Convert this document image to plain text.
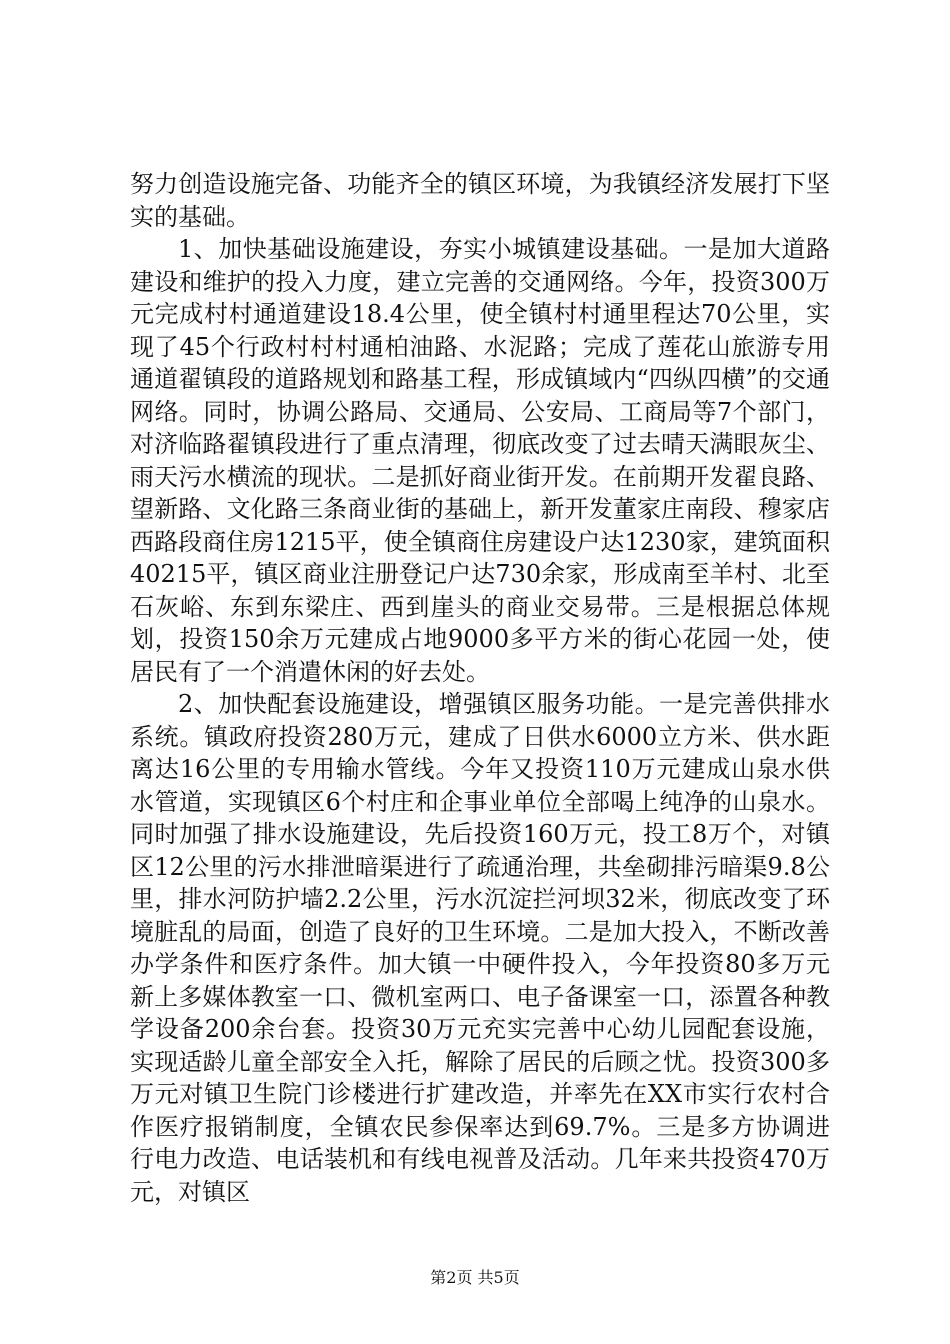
努力创造设施完备、功能齐全的镇区环境，为我镇经济发展打下坚实的基础。

1、加快基础设施建设，夯实小城镇建设基础。一是加大道路建设和维护的投入力度，建立完善的交通网络。今年，投资300万元完成村村通道建设18.4公里，使全镇村村通里程达70公里，实现了45个行政村村村通柏油路、水泥路；完成了莲花山旅游专用通道翟镇段的道路规划和路基工程，形成镇域内“四纵四横”的交通网络。同时，协调公路局、交通局、公安局、工商局等7个部门，对济临路翟镇段进行了重点清理，彻底改变了过去晴天满眼灰尘、雨天污水横流的现状。二是抓好商业街开发。在前期开发翟良路、望新路、文化路三条商业街的基础上，新开发董家庄南段、穆家店西路段商住房1215平，使全镇商住房建设户达1230家，建筑面积40215平，镇区商业注册登记户达730余家，形成南至羊村、北至石灰峪、东到东梁庄、西到崖头的商业交易带。三是根据总体规划，投资150余万元建成占地9000多平方米的街心花园一处，使居民有了一个消遣休闲的好去处。

2、加快配套设施建设，增强镇区服务功能。一是完善供排水系统。镇政府投资280万元，建成了日供水6000立方米、供水距离达16公里的专用输水管线。今年又投资110万元建成山泉水供水管道，实现镇区6个村庄和企事业单位全部喝上纯净的山泉水。同时加强了排水设施建设，先后投资160万元，投工8万个，对镇区12公里的污水排泄暗渠进行了疏通治理，共垒砌排污暗渠9.8公里，排水河防护墙2.2公里，污水沉淀拦河坝32米，彻底改变了环境脏乱的局面，创造了良好的卫生环境。二是加大投入，不断改善办学条件和医疗条件。加大镇一中硬件投入，今年投资80多万元新上多媒体教室一口、微机室两口、电子备课室一口，添置各种教学设备200余台套。投资30万元充实完善中心幼儿园配套设施，实现适龄儿童全部安全入托，解除了居民的后顾之忧。投资300多万元对镇卫生院门诊楼进行扩建改造，并率先在XX市实行农村合作医疗报销制度，全镇农民参保率达到69.7%。三是多方协调进行电力改造、电话装机和有线电视普及活动。几年来共投资470万元，对镇区

第2页 共5页
